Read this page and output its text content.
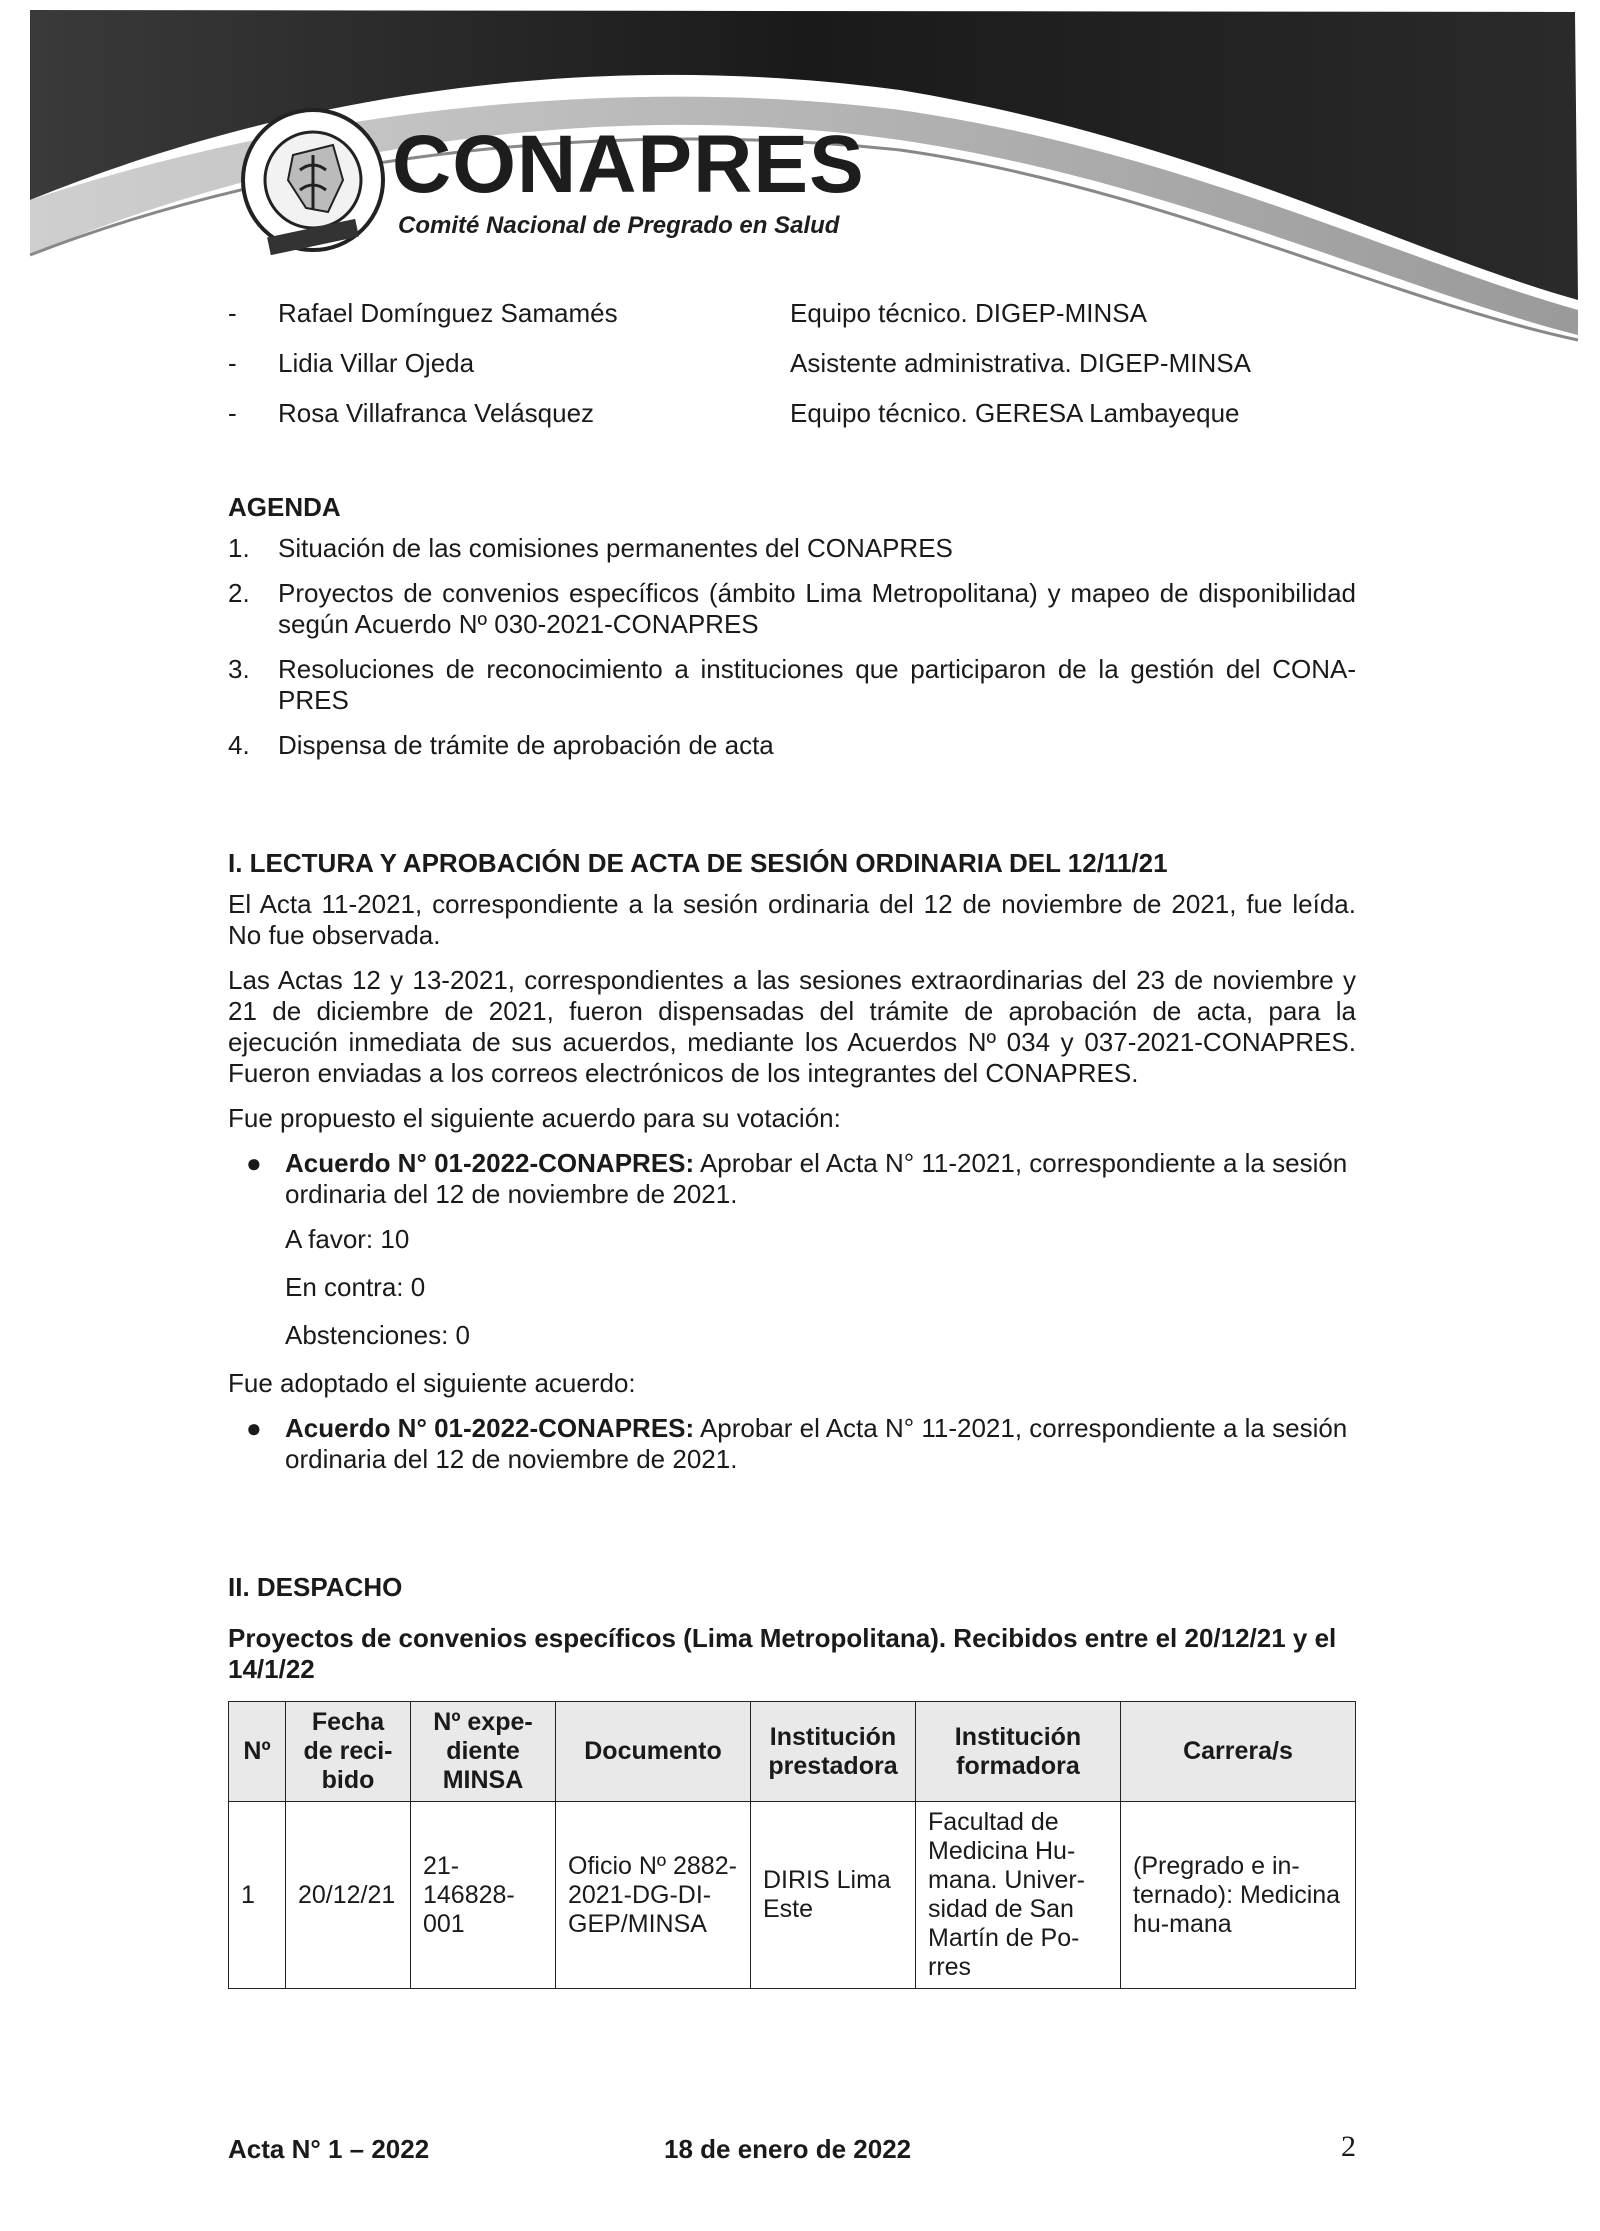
CONAPRES
Comité Nacional de Pregrado en Salud
-	Rafael Domínguez Samamés	Equipo técnico. DIGEP-MINSA
-	Lidia Villar Ojeda	Asistente administrativa. DIGEP-MINSA
-	Rosa Villafranca Velásquez	Equipo técnico. GERESA Lambayeque
AGENDA
1.	Situación de las comisiones permanentes del CONAPRES
2.	Proyectos de convenios específicos (ámbito Lima Metropolitana) y mapeo de disponibilidad según Acuerdo Nº 030-2021-CONAPRES
3.	Resoluciones de reconocimiento a instituciones que participaron de la gestión del CONA-PRES
4.	Dispensa de trámite de aprobación de acta
I. LECTURA Y APROBACIÓN DE ACTA DE SESIÓN ORDINARIA DEL 12/11/21

El Acta 11-2021, correspondiente a la sesión ordinaria del 12 de noviembre de 2021, fue leída. No fue observada.

Las Actas 12 y 13-2021, correspondientes a las sesiones extraordinarias del 23 de noviembre y 21 de diciembre de 2021, fueron dispensadas del trámite de aprobación de acta, para la ejecución inmediata de sus acuerdos, mediante los Acuerdos Nº 034 y 037-2021-CONAPRES. Fueron enviadas a los correos electrónicos de los integrantes del CONAPRES.

Fue propuesto el siguiente acuerdo para su votación:

● Acuerdo N° 01-2022-CONAPRES: Aprobar el Acta N° 11-2021, correspondiente a la sesión ordinaria del 12 de noviembre de 2021.
A favor: 10
En contra: 0
Abstenciones: 0

Fue adoptado el siguiente acuerdo:

● Acuerdo N° 01-2022-CONAPRES: Aprobar el Acta N° 11-2021, correspondiente a la sesión ordinaria del 12 de noviembre de 2021.
II. DESPACHO
Proyectos de convenios específicos (Lima Metropolitana). Recibidos entre el 20/12/21 y el 14/1/22
Nº	Fecha de reci-bido	Nº expe-diente MINSA	Documento	Institución prestadora	Institución formadora	Carrera/s
1	20/12/21	21-146828-001	Oficio Nº 2882-2021-DG-DI-GEP/MINSA	DIRIS Lima Este	Facultad de Medicina Hu-mana. Univer-sidad de San Martín de Po-rres	(Pregrado e in-ternado): Medicina hu-mana
Acta N° 1 – 2022	18 de enero de 2022	2
